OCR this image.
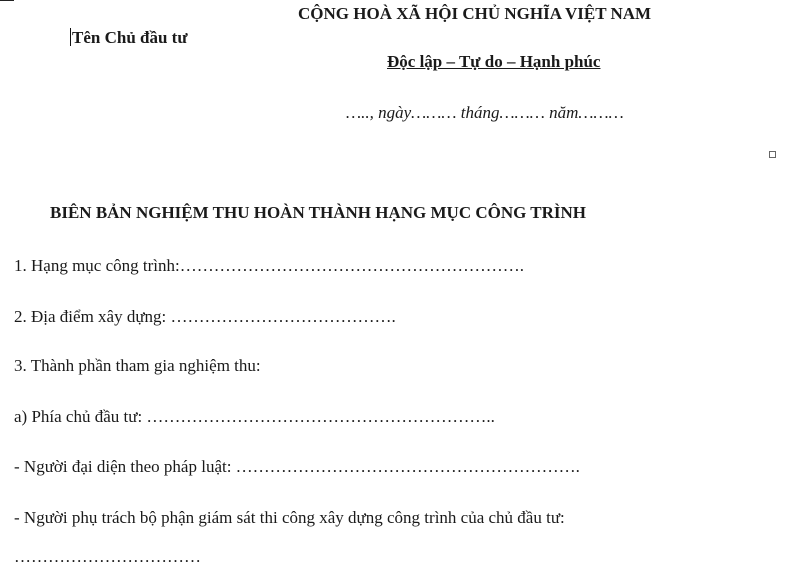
Tên Chủ đầu tư
CỘNG HOÀ XÃ HỘI CHỦ NGHĨA VIỆT NAM
Độc lập – Tự do – Hạnh phúc
….., ngày……… tháng……… năm………
BIÊN BẢN NGHIỆM THU HOÀN THÀNH HẠNG MỤC CÔNG TRÌNH
1. Hạng mục công trình:…………………………………………………….
2. Địa điểm xây dựng: ………………………………….
3. Thành phần tham gia nghiệm thu:
a) Phía chủ đầu tư: ……………………………………………………..
- Người đại diện theo pháp luật: …………………………………………………….
- Người phụ trách bộ phận giám sát thi công xây dựng công trình của chủ đầu tư:
……………………………
